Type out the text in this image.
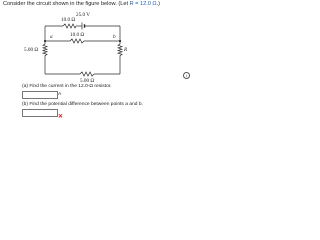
Consider the circuit shown in the figure below. (Let R = 12.0 Ω.)
25.0 V
10.0 Ω
10.0 Ω
5.00 Ω
5.00 Ω	R
a	b
i
(a) Find the current in the 12.0-Ω resistor.
A
(b) Find the potential difference between points a and b.
✕
